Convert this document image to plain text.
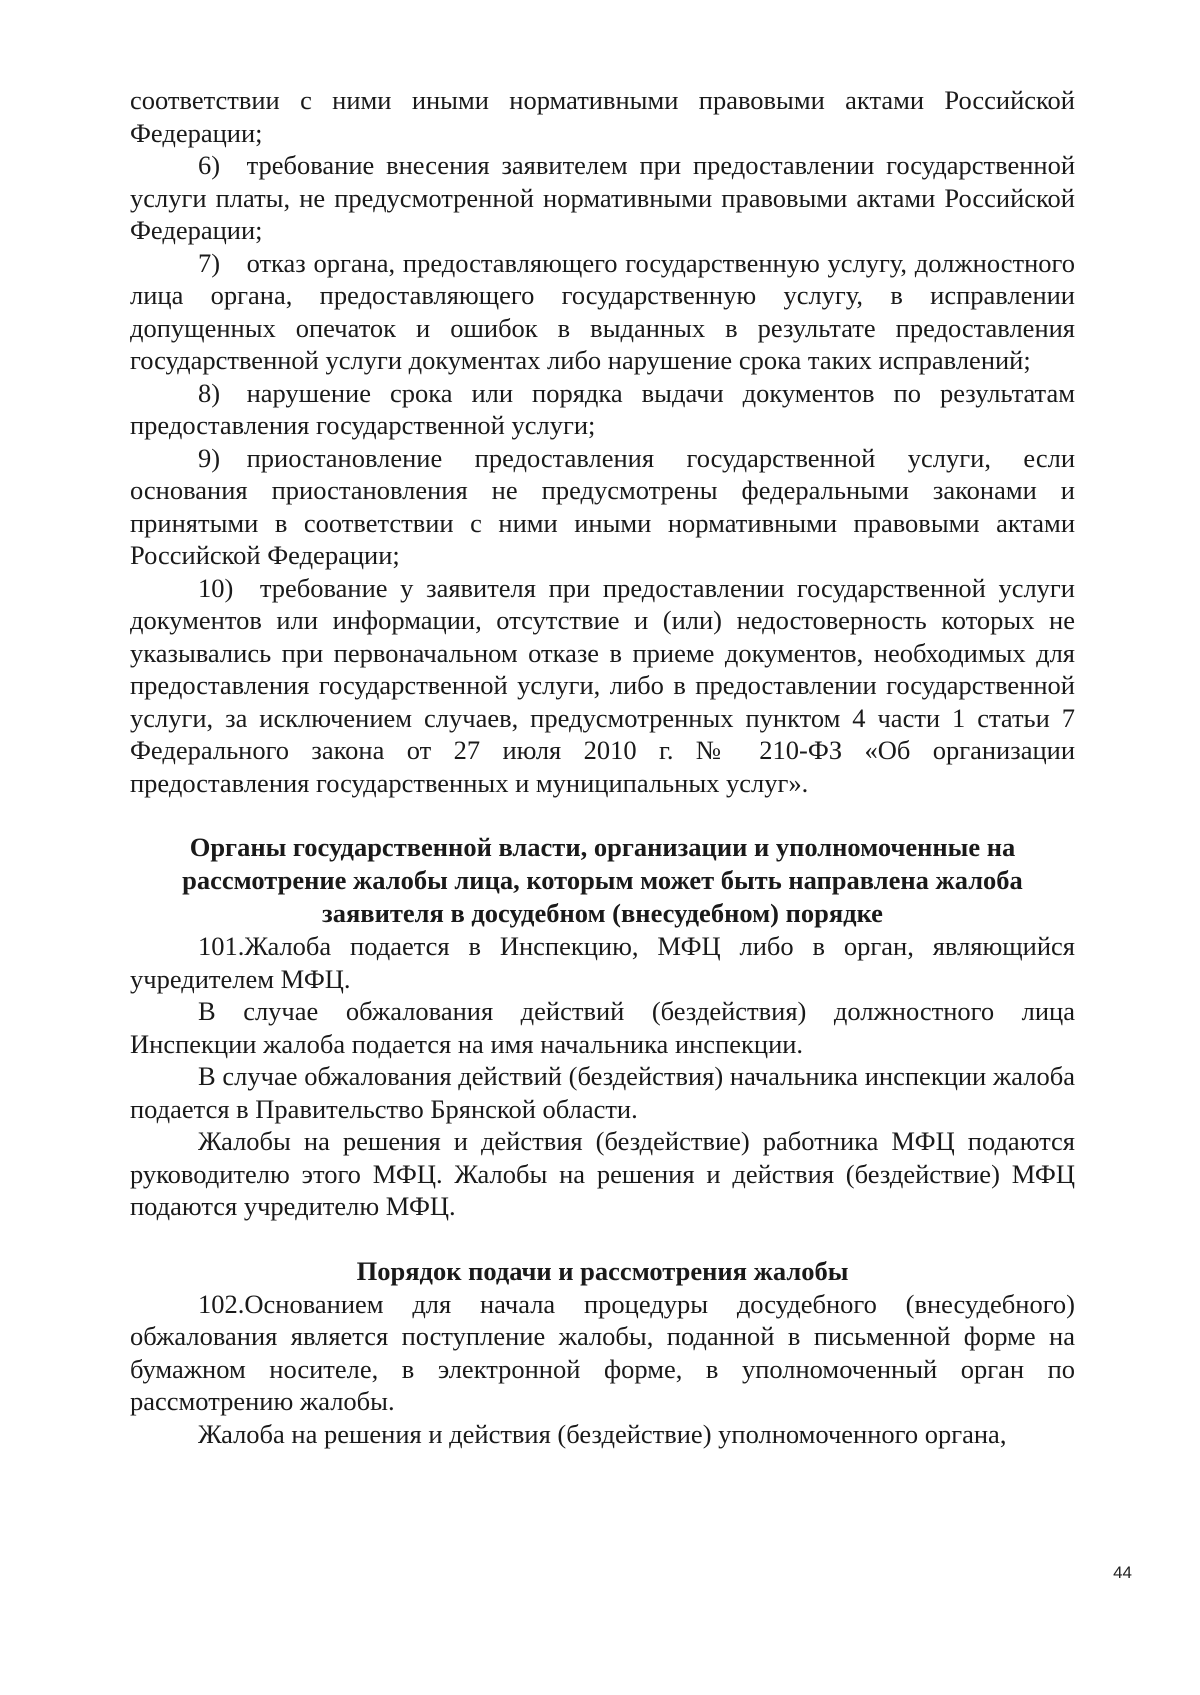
соответствии с ними иными нормативными правовыми актами Российской Федерации;

6) требование внесения заявителем при предоставлении государственной услуги платы, не предусмотренной нормативными правовыми актами Российской Федерации;

7) отказ органа, предоставляющего государственную услугу, должностного лица органа, предоставляющего государственную услугу, в исправлении допущенных опечаток и ошибок в выданных в результате предоставления государственной услуги документах либо нарушение срока таких исправлений;

8) нарушение срока или порядка выдачи документов по результатам предоставления государственной услуги;

9) приостановление предоставления государственной услуги, если основания приостановления не предусмотрены федеральными законами и принятыми в соответствии с ними иными нормативными правовыми актами Российской Федерации;

10) требование у заявителя при предоставлении государственной услуги документов или информации, отсутствие и (или) недостоверность которых не указывались при первоначальном отказе в приеме документов, необходимых для предоставления государственной услуги, либо в предоставлении государственной услуги, за исключением случаев, предусмотренных пунктом 4 части 1 статьи 7 Федерального закона от 27 июля 2010 г. № 210-ФЗ «Об организации предоставления государственных и муниципальных услуг».

Органы государственной власти, организации и уполномоченные на рассмотрение жалобы лица, которым может быть направлена жалоба заявителя в досудебном (внесудебном) порядке

101.Жалоба подается в Инспекцию, МФЦ либо в орган, являющийся учредителем МФЦ.

В случае обжалования действий (бездействия) должностного лица Инспекции жалоба подается на имя начальника инспекции.

В случае обжалования действий (бездействия) начальника инспекции жалоба подается в Правительство Брянской области.

Жалобы на решения и действия (бездействие) работника МФЦ подаются руководителю этого МФЦ. Жалобы на решения и действия (бездействие) МФЦ подаются учредителю МФЦ.

Порядок подачи и рассмотрения жалобы

102.Основанием для начала процедуры досудебного (внесудебного) обжалования является поступление жалобы, поданной в письменной форме на бумажном носителе, в электронной форме, в уполномоченный орган по рассмотрению жалобы.

Жалоба на решения и действия (бездействие) уполномоченного органа,

44
